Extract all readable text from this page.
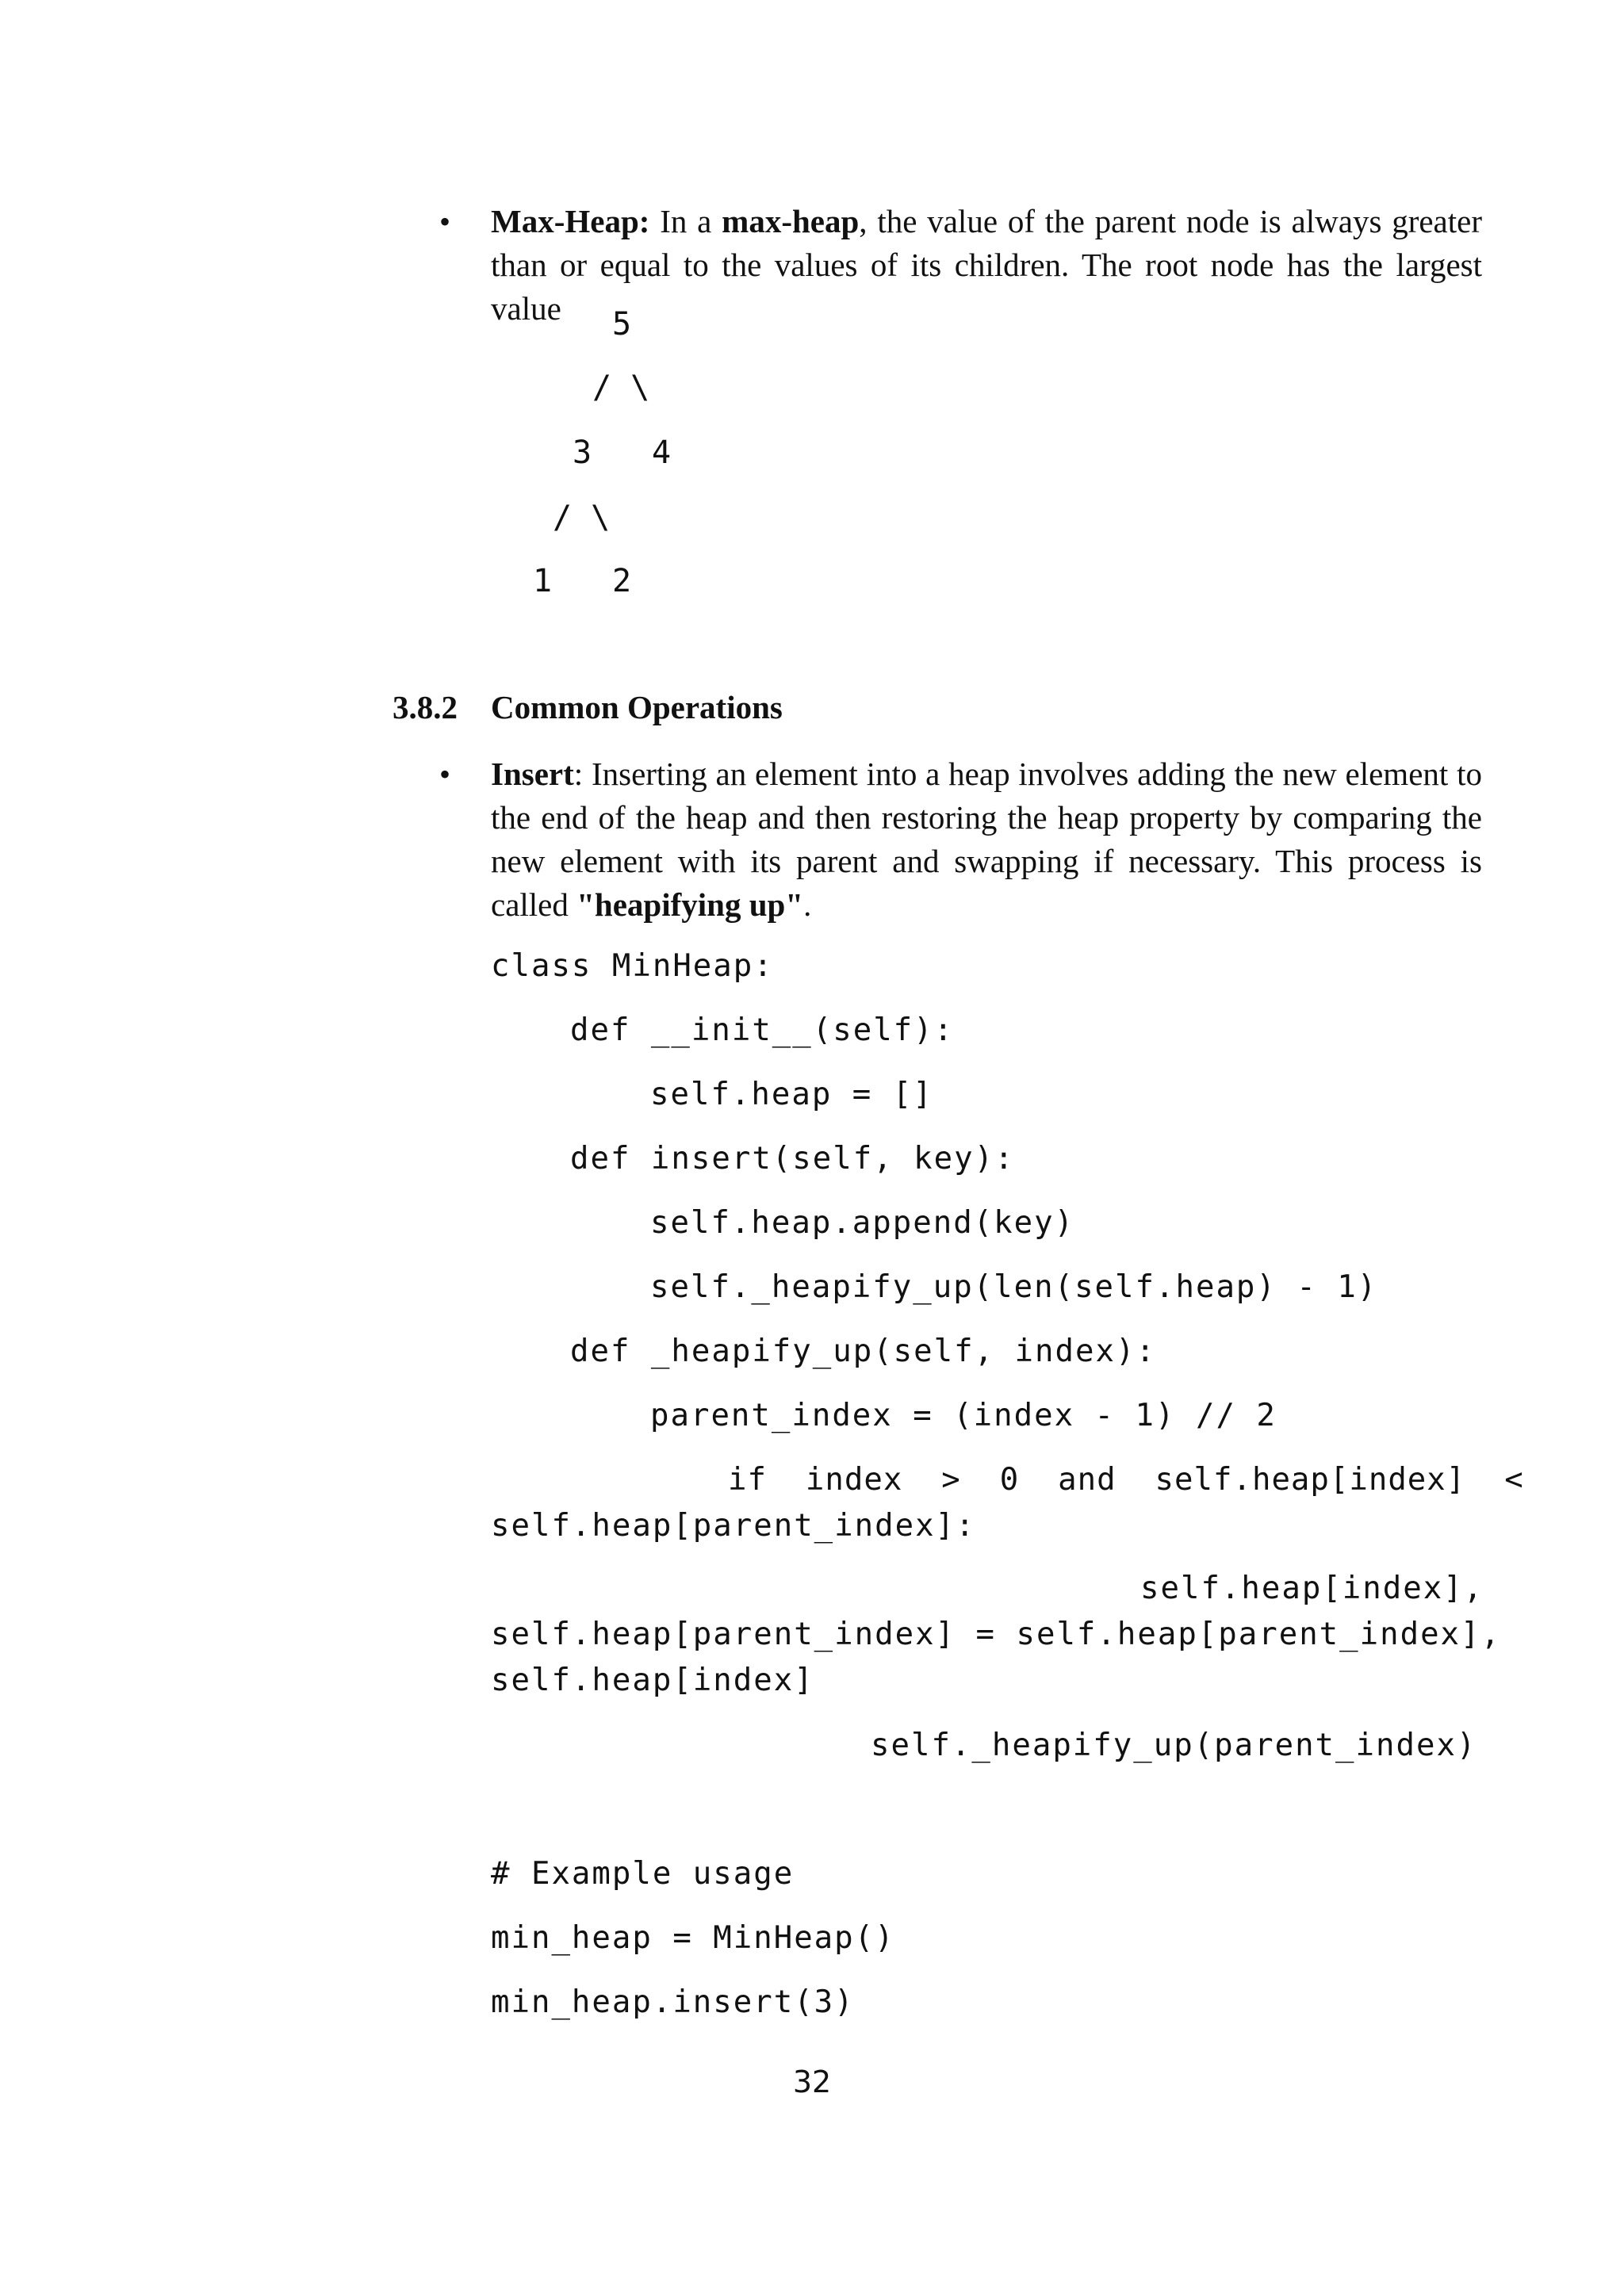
• Max-Heap: In a max-heap, the value of the parent node is always greater than or equal to the values of its children. The root node has the largest value	5
/ \
3 4
/ \
1 2
3.8.2 Common Operations
• Insert: Inserting an element into a heap involves adding the new element to the end of the heap and then restoring the heap property by comparing the new element with its parent and swapping if necessary. This process is called "heapifying up".
class MinHeap:
def __init__(self):
self.heap = []
def insert(self, key):
self.heap.append(key)
self._heapify_up(len(self.heap) - 1)
def _heapify_up(self, index):
parent_index = (index - 1) // 2
if  index  >  0  and  self.heap[index]  <
self.heap[parent_index]:
self.heap[index],
self.heap[parent_index] = self.heap[parent_index],
self.heap[index]
self._heapify_up(parent_index)
# Example usage
min_heap = MinHeap()
min_heap.insert(3)
32
